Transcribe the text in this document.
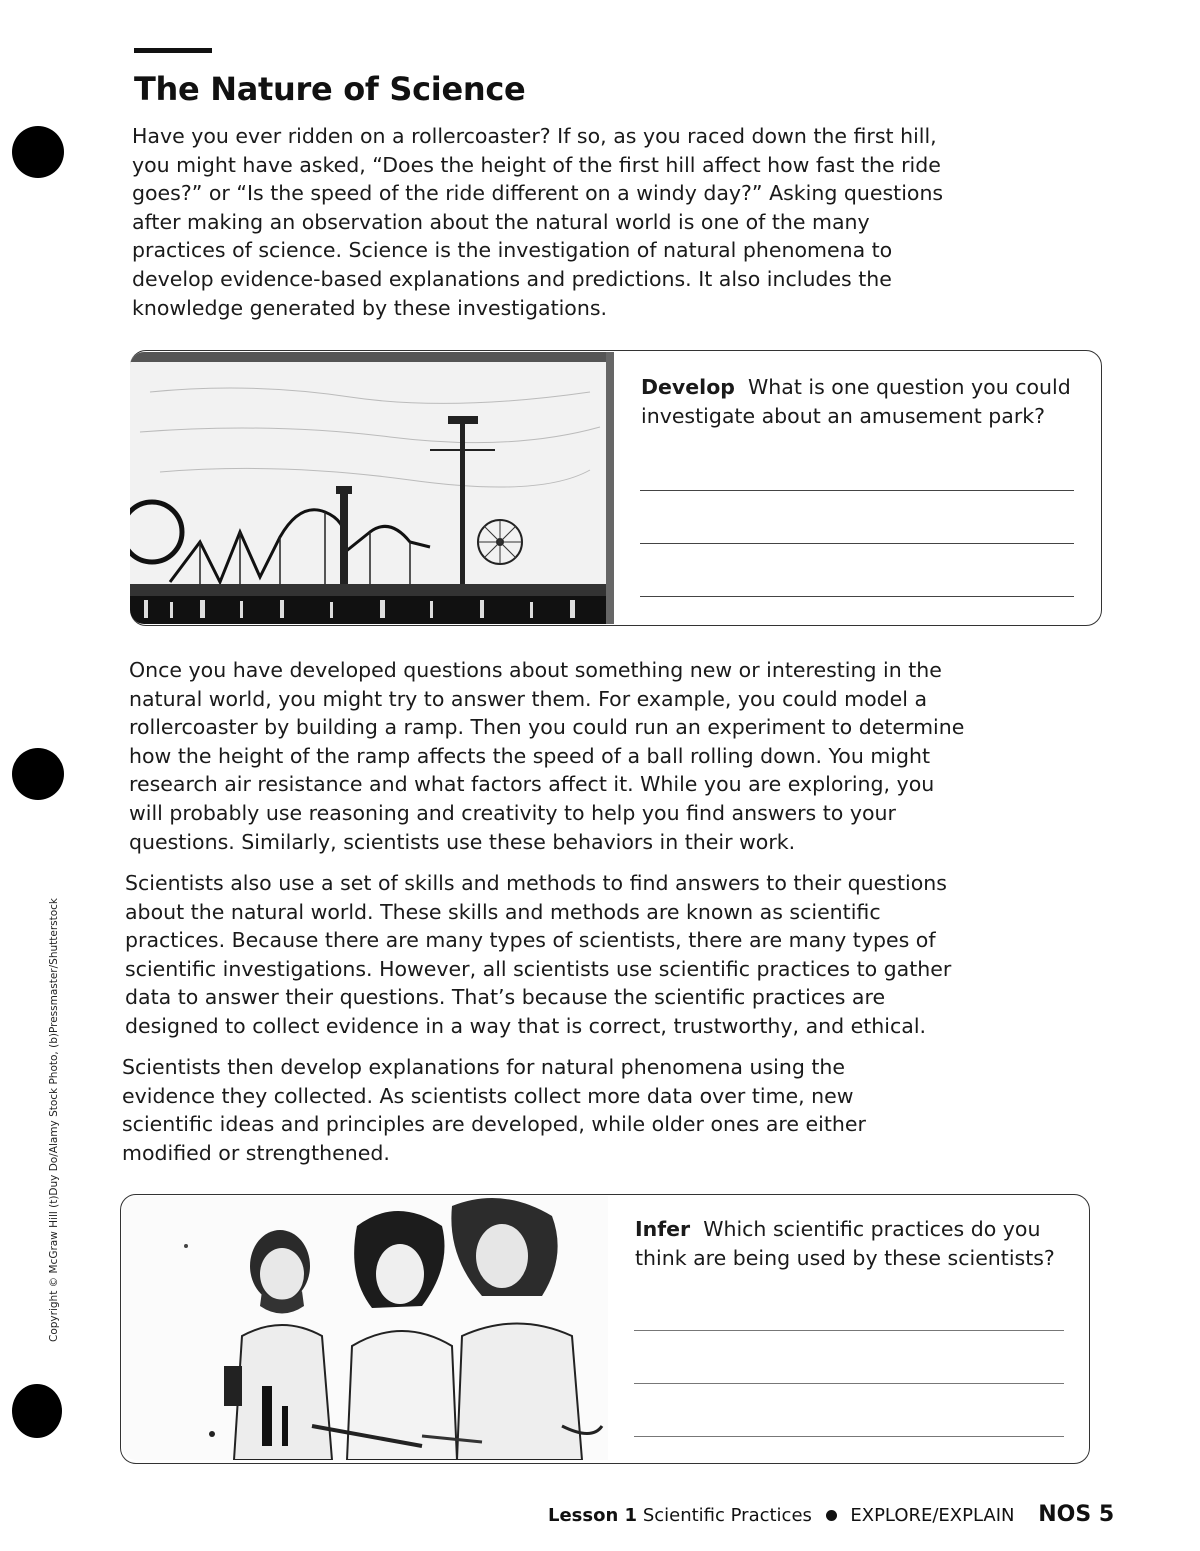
The Nature of Science

Have you ever ridden on a rollercoaster? If so, as you raced down the first hill,
you might have asked, “Does the height of the first hill affect how fast the ride
goes?” or “Is the speed of the ride different on a windy day?” Asking questions
after making an observation about the natural world is one of the many
practices of science. Science is the investigation of natural phenomena to
develop evidence-based explanations and predictions. It also includes the
knowledge generated by these investigations.

Develop What is one question you could
investigate about an amusement park?

Once you have developed questions about something new or interesting in the
natural world, you might try to answer them. For example, you could model a
rollercoaster by building a ramp. Then you could run an experiment to determine
how the height of the ramp affects the speed of a ball rolling down. You might
research air resistance and what factors affect it. While you are exploring, you
will probably use reasoning and creativity to help you find answers to your
questions. Similarly, scientists use these behaviors in their work.

Scientists also use a set of skills and methods to find answers to their questions
about the natural world. These skills and methods are known as scientific
practices. Because there are many types of scientists, there are many types of
scientific investigations. However, all scientists use scientific practices to gather
data to answer their questions. That’s because the scientific practices are
designed to collect evidence in a way that is correct, trustworthy, and ethical.

Scientists then develop explanations for natural phenomena using the
evidence they collected. As scientists collect more data over time, new
scientific ideas and principles are developed, while older ones are either
modified or strengthened.

Infer Which scientific practices do you
think are being used by these scientists?

Copyright © McGraw Hill (t)Duy Do/Alamy Stock Photo, (b)Pressmaster/Shutterstock
Lesson 1 Scientific Practices EXPLORE/EXPLAIN NOS 5
